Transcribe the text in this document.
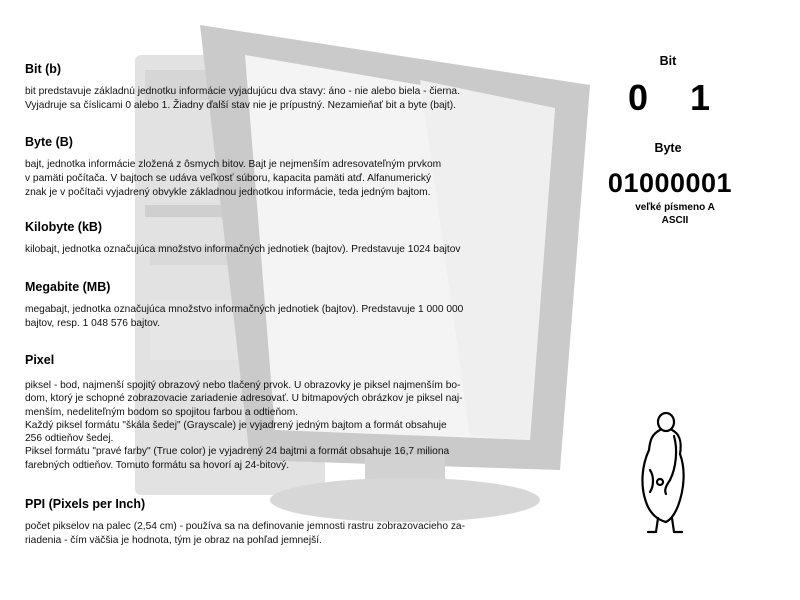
Bit (b)

bit predstavuje základnú jednotku informácie vyjadujúcu dva stavy: áno - nie alebo biela - čierna.
Vyjadruje sa číslicami 0 alebo 1. Žiadny ďalší stav nie je prípustný. Nezamieňať bit a byte (bajt).

Byte (B)

bajt, jednotka informácie zložená z ôsmych bitov. Bajt je nejmenším adresovateľným prvkom
v pamäti počítača. V bajtoch se udáva veľkosť súboru, kapacita pamäti atď. Alfanumerický
znak je v počítači vyjadrený obvykle základnou jednotkou informácie, teda jedným bajtom.

Kilobyte (kB)

kilobajt, jednotka označujúca množstvo informačných jednotiek (bajtov). Predstavuje 1024 bajtov

Megabite (MB)

megabajt, jednotka označujúca množstvo informačných jednotiek (bajtov). Predstavuje 1 000 000
bajtov, resp. 1 048 576 bajtov.

Pixel

piksel - bod, najmenší spojitý obrazový nebo tlačený prvok. U obrazovky je piksel najmenším bo-
dom, ktorý je schopné zobrazovacie zariadenie adresovať. U bitmapových obrázkov je piksel naj-
menším, nedeliteľným bodom so spojitou farbou a odtieňom.
Každý piksel formátu "škála šedej" (Grayscale) je vyjadrený jedným bajtom a formát obsahuje
256 odtieňov šedej.
Piksel formátu "pravé farby" (True color) je vyjadrený 24 bajtmi a formát obsahuje 16,7 miliona
farebných odtieňov. Tomuto formátu sa hovorí aj 24-bitový.

PPI (Pixels per Inch)

počet pikselov na palec (2,54 cm) - používa sa na definovanie jemnosti rastru zobrazovacieho za-
riadenia - čím väčšia je hodnota, tým je obraz na pohľad jemnejší.

Bit
0	1
Byte
01000001
veľké písmeno A
ASCII
